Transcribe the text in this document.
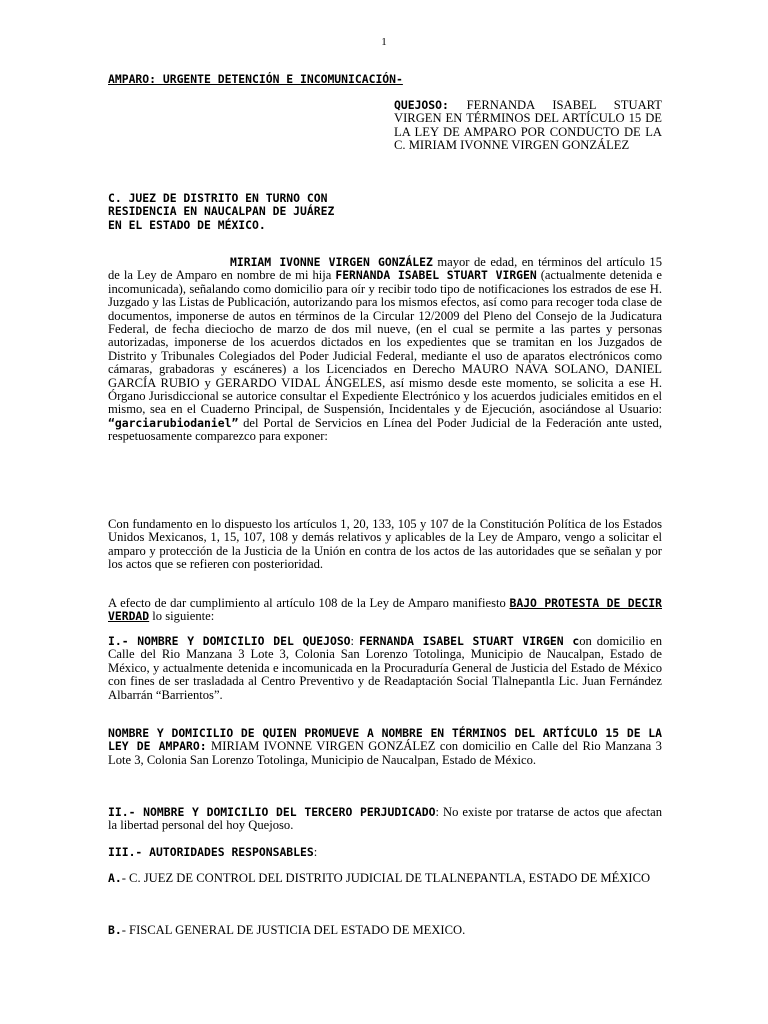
1
AMPARO: URGENTE DETENCIÓN E INCOMUNICACIÓN-
QUEJOSO: FERNANDA ISABEL STUART VIRGEN EN TÉRMINOS DEL ARTÍCULO 15 DE LA LEY DE AMPARO POR CONDUCTO DE LA C. MIRIAM IVONNE VIRGEN GONZÁLEZ
C. JUEZ DE DISTRITO EN TURNO CON
RESIDENCIA EN NAUCALPAN DE JUÁREZ
EN EL ESTADO DE MÉXICO.
MIRIAM IVONNE VIRGEN GONZÁLEZ mayor de edad, en términos del artículo 15 de la Ley de Amparo en nombre de mi hija FERNANDA ISABEL STUART VIRGEN (actualmente detenida e incomunicada), señalando como domicilio para oír y recibir todo tipo de notificaciones los estrados de ese H. Juzgado y las Listas de Publicación, autorizando para los mismos efectos, así como para recoger toda clase de documentos, imponerse de autos en términos de la Circular 12/2009 del Pleno del Consejo de la Judicatura Federal, de fecha dieciocho de marzo de dos mil nueve, (en el cual se permite a las partes y personas autorizadas, imponerse de los acuerdos dictados en los expedientes que se tramitan en los Juzgados de Distrito y Tribunales Colegiados del Poder Judicial Federal, mediante el uso de aparatos electrónicos como cámaras, grabadoras y escáneres) a los Licenciados en Derecho MAURO NAVA SOLANO, DANIEL GARCÍA RUBIO y GERARDO VIDAL ÁNGELES, así mismo desde este momento, se solicita a ese H. Órgano Jurisdiccional se autorice consultar el Expediente Electrónico y los acuerdos judiciales emitidos en el mismo, sea en el Cuaderno Principal, de Suspensión, Incidentales y de Ejecución, asociándose al Usuario: “garciarubiodaniel” del Portal de Servicios en Línea del Poder Judicial de la Federación ante usted, respetuosamente comparezco para exponer:
Con fundamento en lo dispuesto los artículos 1, 20, 133, 105 y 107 de la Constitución Política de los Estados Unidos Mexicanos, 1, 15, 107, 108 y demás relativos y aplicables de la Ley de Amparo, vengo a solicitar el amparo y protección de la Justicia de la Unión en contra de los actos de las autoridades que se señalan y por los actos que se refieren con posterioridad.
A efecto de dar cumplimiento al artículo 108 de la Ley de Amparo manifiesto BAJO PROTESTA DE DECIR VERDAD lo siguiente:
I.- NOMBRE Y DOMICILIO DEL QUEJOSO: FERNANDA ISABEL STUART VIRGEN con domicilio en Calle del Rio Manzana 3 Lote 3, Colonia San Lorenzo Totolinga, Municipio de Naucalpan, Estado de México, y actualmente detenida e incomunicada en la Procuraduría General de Justicia del Estado de México con fines de ser trasladada al Centro Preventivo y de Readaptación Social Tlalnepantla Lic. Juan Fernández Albarrán “Barrientos”.
NOMBRE Y DOMICILIO DE QUIEN PROMUEVE A NOMBRE EN TÉRMINOS DEL ARTÍCULO 15 DE LA LEY DE AMPARO: MIRIAM IVONNE VIRGEN GONZÁLEZ con domicilio en Calle del Rio Manzana 3 Lote 3, Colonia San Lorenzo Totolinga, Municipio de Naucalpan, Estado de México.
II.- NOMBRE Y DOMICILIO DEL TERCERO PERJUDICADO: No existe por tratarse de actos que afectan la libertad personal del hoy Quejoso.
III.- AUTORIDADES RESPONSABLES:
A.- C. JUEZ DE CONTROL DEL DISTRITO JUDICIAL DE TLALNEPANTLA, ESTADO DE MÉXICO
B.- FISCAL GENERAL DE JUSTICIA DEL ESTADO DE MEXICO.
